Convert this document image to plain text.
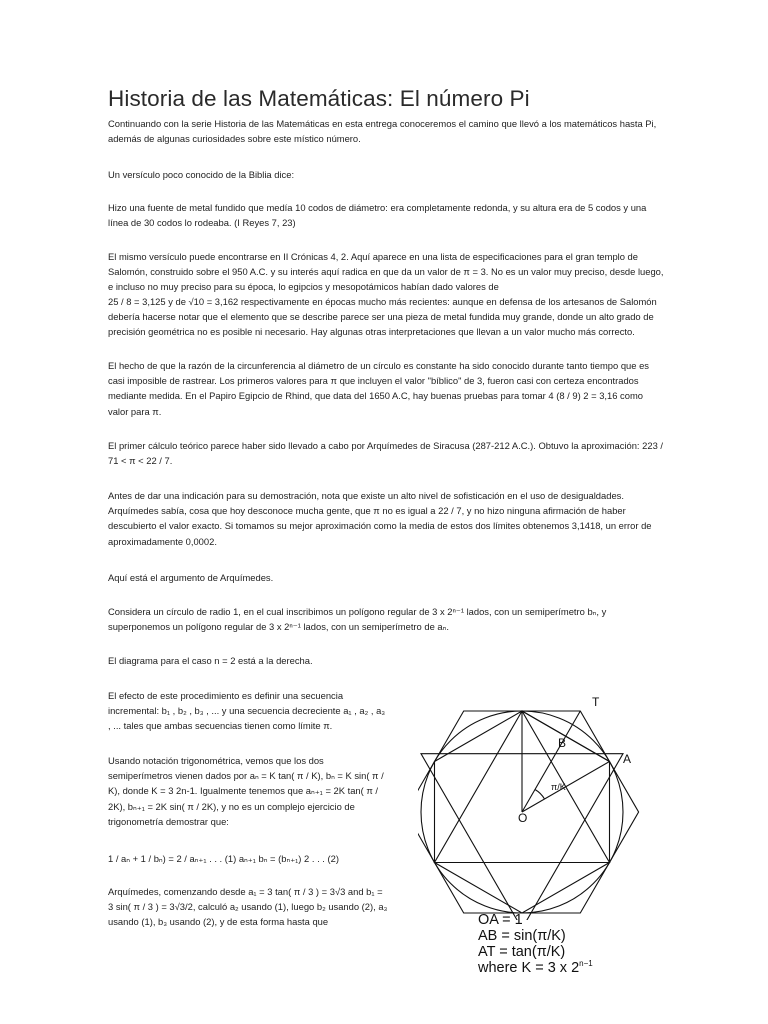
Historia de las Matemáticas: El número Pi

Continuando con la serie Historia de las Matemáticas en esta entrega conoceremos el camino que llevó a los matemáticos hasta Pi, además de algunas curiosidades sobre este místico número.

Un versículo poco conocido de la Biblia dice:

Hizo una fuente de metal fundido que medía 10 codos de diámetro: era completamente redonda, y su altura era de 5 codos y una línea de 30 codos lo rodeaba. (I Reyes 7, 23)

El mismo versículo puede encontrarse en II Crónicas 4, 2. Aquí aparece en una lista de especificaciones para el gran templo de Salomón, construido sobre el 950 A.C. y su interés aquí radica en que da un valor de π = 3. No es un valor muy preciso, desde luego, e incluso no muy preciso para su época, lo egipcios y mesopotámicos habían dado valores de

25 / 8 = 3,125 y de √10 = 3,162 respectivamente en épocas mucho más recientes: aunque en defensa de los artesanos de Salomón debería hacerse notar que el elemento que se describe parece ser una pieza de metal fundida muy grande, donde un alto grado de precisión geométrica no es posible ni necesario. Hay algunas otras interpretaciones que llevan a un valor mucho más correcto.

El hecho de que la razón de la circunferencia al diámetro de un círculo es constante ha sido conocido durante tanto tiempo que es casi imposible de rastrear. Los primeros valores para π que incluyen el valor "bíblico" de 3, fueron casi con certeza encontrados mediante medida. En el Papiro Egipcio de Rhind, que data del 1650 A.C, hay buenas pruebas para tomar 4 (8 / 9) 2 = 3,16 como valor para π.

El primer cálculo teórico parece haber sido llevado a cabo por Arquímedes de Siracusa (287-212 A.C.). Obtuvo la aproximación: 223 / 71 < π < 22 / 7.

Antes de dar una indicación para su demostración, nota que existe un alto nivel de sofisticación en el uso de desigualdades. Arquímedes sabía, cosa que hoy desconoce mucha gente, que π no es igual a 22 / 7, y no hizo ninguna afirmación de haber descubierto el valor exacto. Si tomamos su mejor aproximación como la media de estos dos límites obtenemos 3,1418, un error de aproximadamente 0,0002.

Aquí está el argumento de Arquímedes.

Considera un círculo de radio 1, en el cual inscribimos un polígono regular de 3 x 2ⁿ⁻¹ lados, con un semiperímetro bₙ, y superponemos un polígono regular de 3 x 2ⁿ⁻¹ lados, con un semiperímetro de aₙ.

El diagrama para el caso n = 2 está a la derecha.

El efecto de este procedimiento es definir una secuencia incremental: b₁ , b₂ , b₃ , ... y una secuencia decreciente a₁ , a₂ , a₃ , ... tales que ambas secuencias tienen como límite π.

Usando notación trigonométrica, vemos que los dos semiperímetros vienen dados por aₙ = K tan( π / K), bₙ = K sin( π / K), donde K = 3 2n-1. Igualmente tenemos que aₙ₊₁ = 2K tan( π / 2K), bₙ₊₁ = 2K sin( π / 2K), y no es un complejo ejercicio de trigonometría demostrar que:

1 / aₙ + 1 / bₙ) = 2 / aₙ₊₁ . . . (1) aₙ₊₁ bₙ = (bₙ₊₁) 2 . . . (2)

Arquímedes, comenzando desde a₁ = 3 tan( π / 3 ) = 3√3 and b₁ = 3 sin( π / 3 ) = 3√3/2, calculó a₂ usando (1), luego b₂ usando (2), a₃ usando (1), b₃ usando (2), y de esta forma hasta que

T
B
A
O
π/K
OA = 1
AB = sin(π/K)
AT = tan(π/K)
where K = 3 x $2^{n-1}$
